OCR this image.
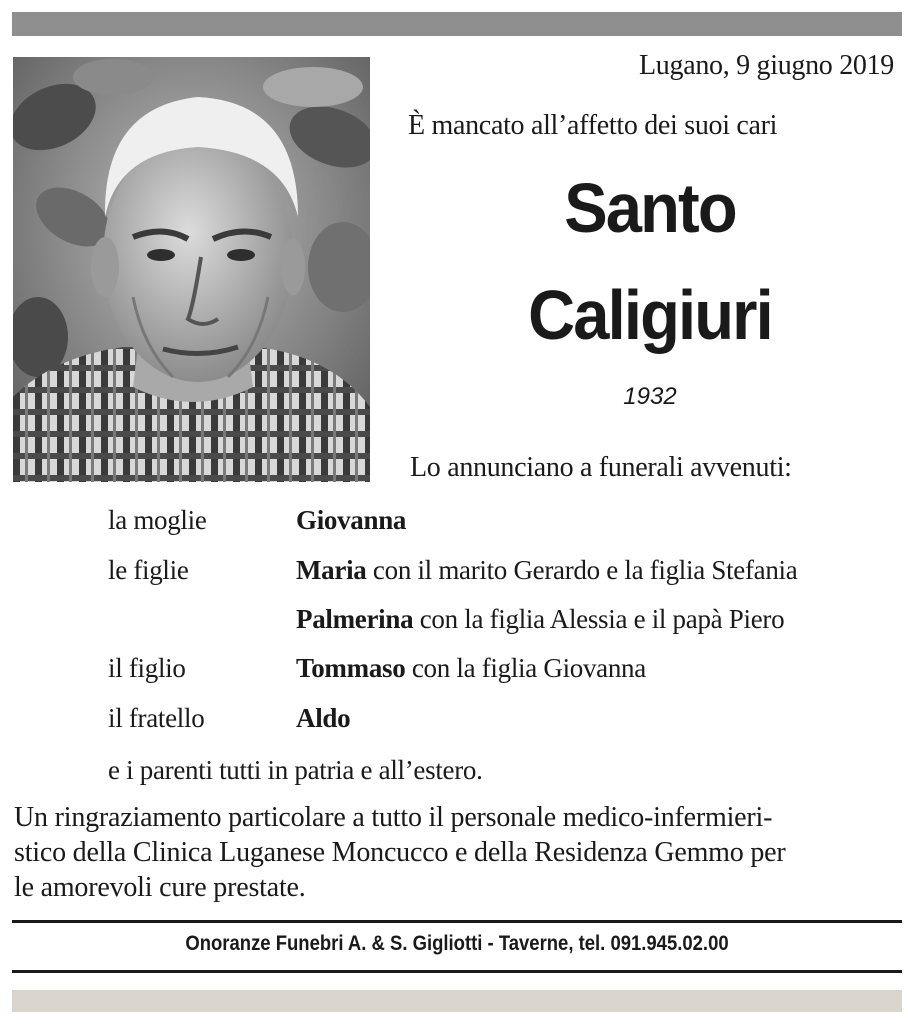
Lugano, 9 giugno 2019
È mancato all’affetto dei suoi cari
Santo
Caligiuri
1932
Lo annunciano a funerali avvenuti:
la moglie	Giovanna
le figlie	Maria con il marito Gerardo e la figlia Stefania
Palmerina con la figlia Alessia e il papà Piero
il figlio	Tommaso con la figlia Giovanna
il fratello	Aldo
e i parenti tutti in patria e all’estero.
Un ringraziamento particolare a tutto il personale medico-infermieri-
stico della Clinica Luganese Moncucco e della Residenza Gemmo per
le amorevoli cure prestate.
Onoranze Funebri A. & S. Gigliotti - Taverne, tel. 091.945.02.00
